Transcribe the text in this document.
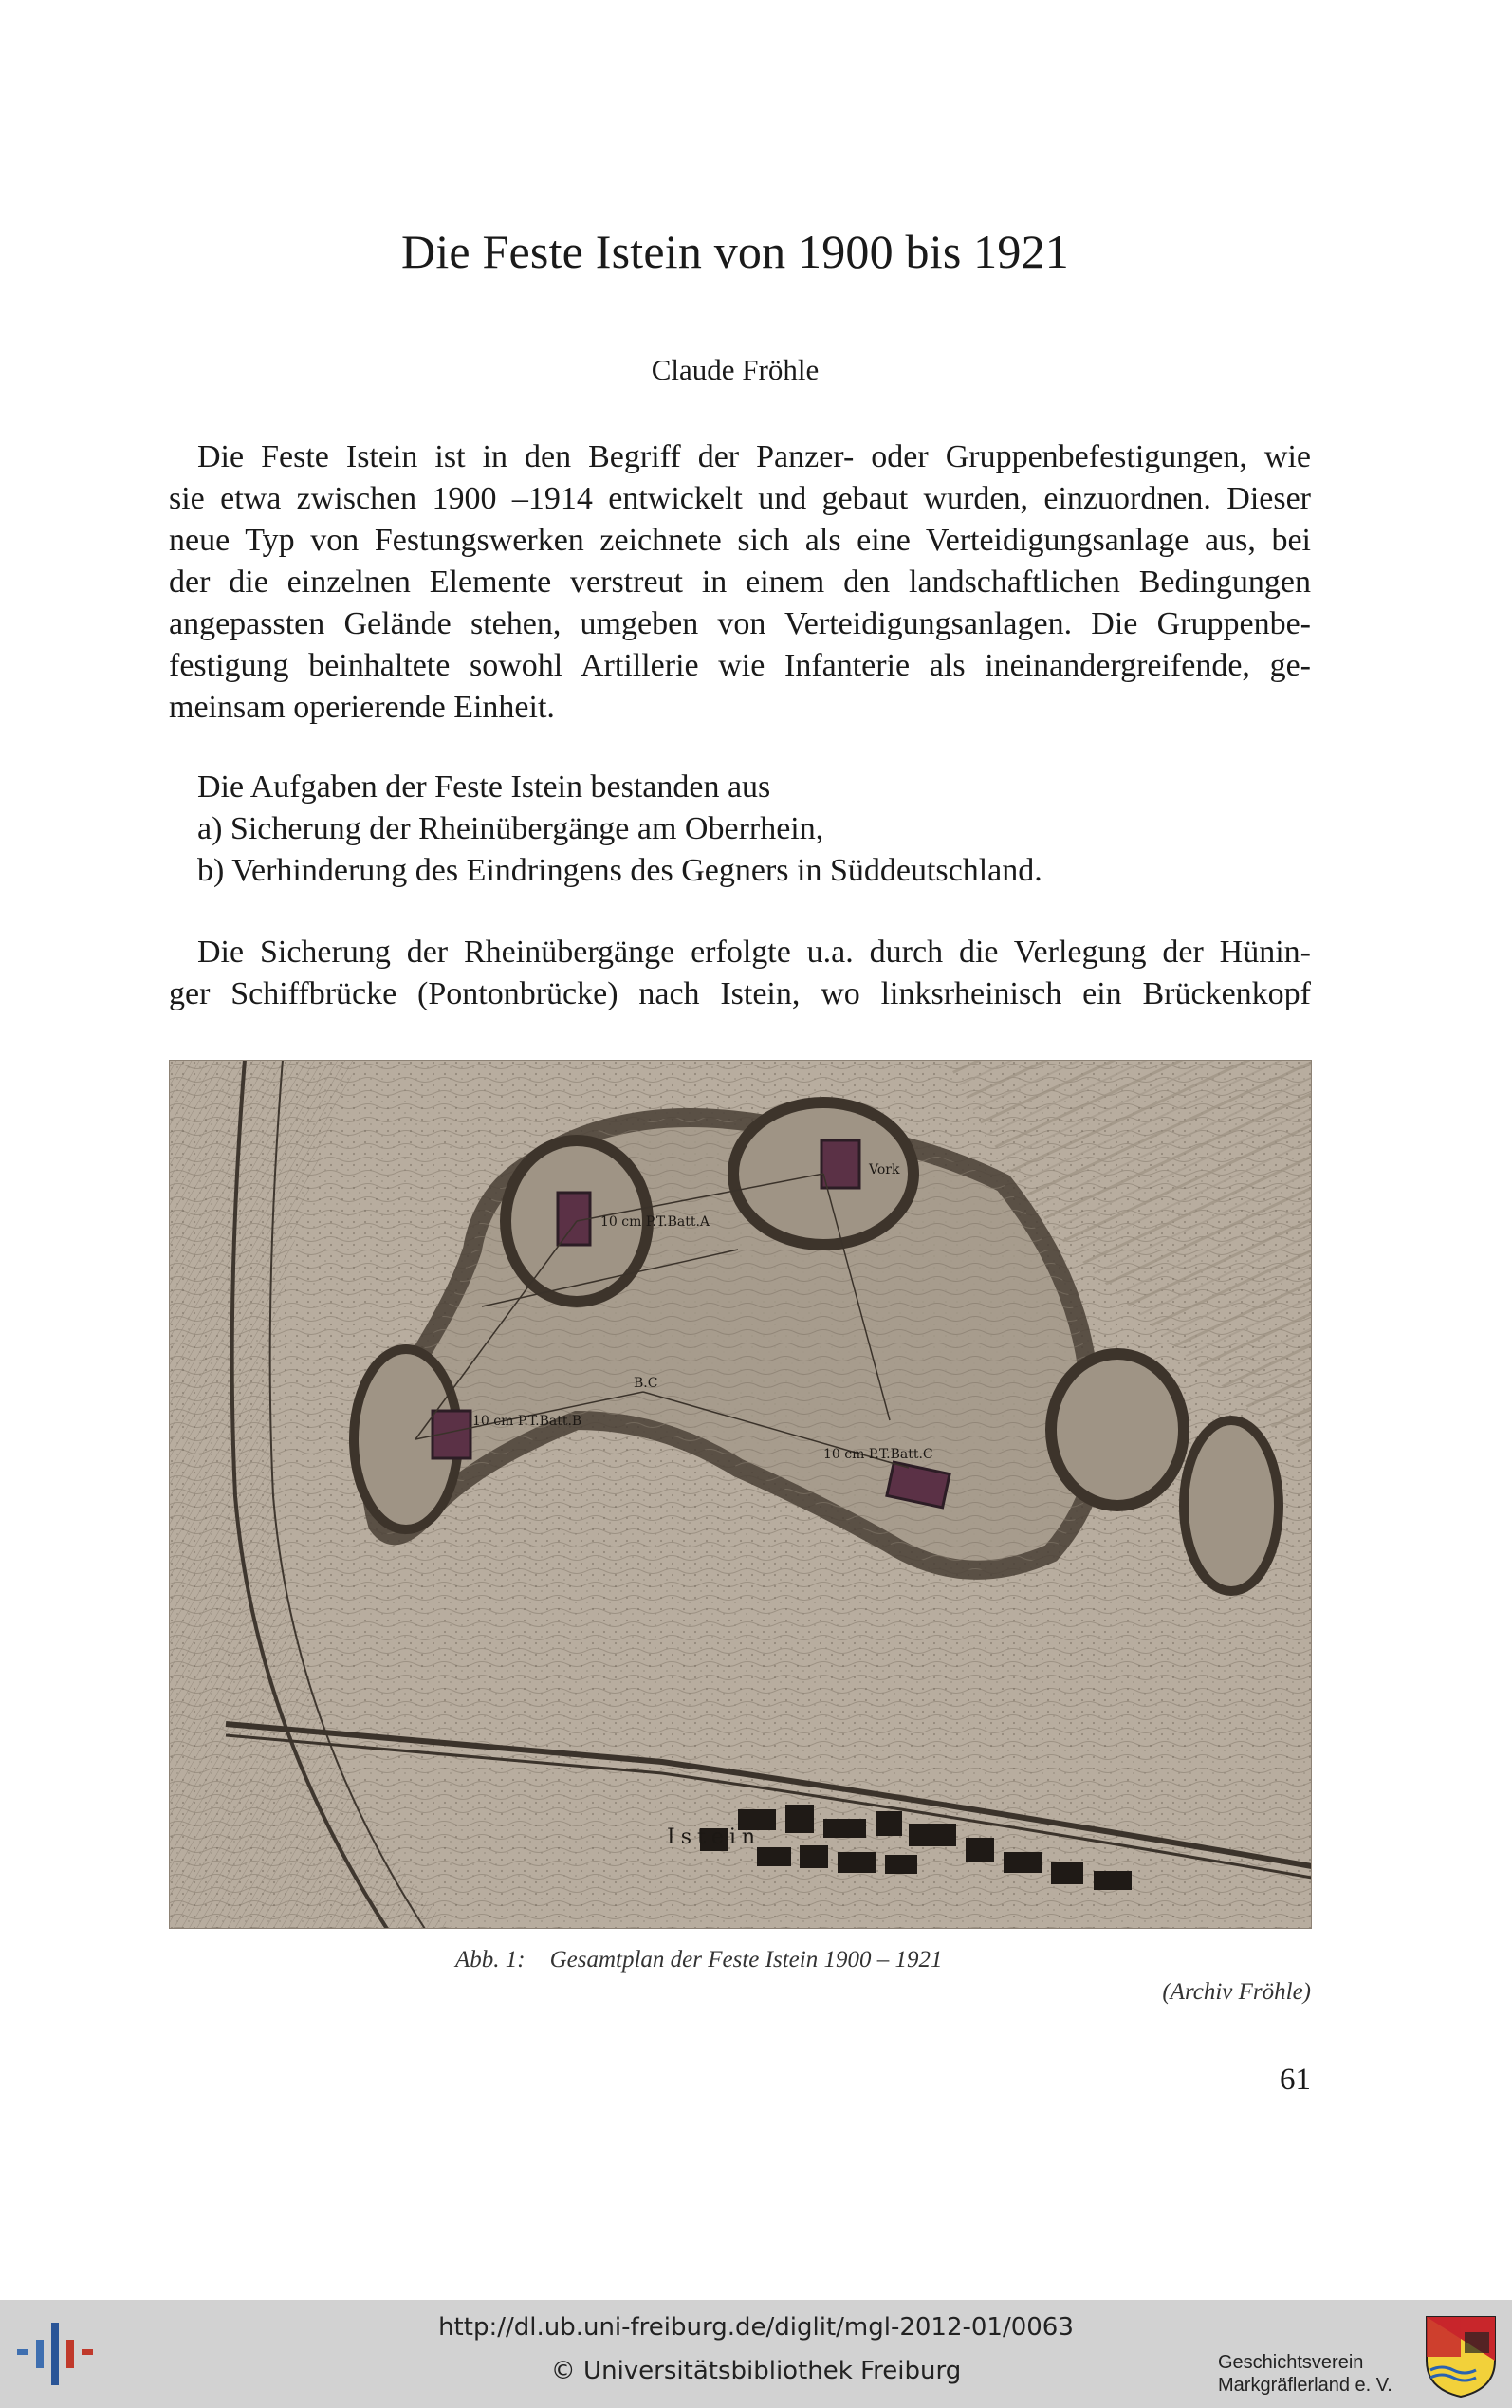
Die Feste Istein von 1900 bis 1921
Claude Fröhle
Die Feste Istein ist in den Begriff der Panzer- oder Gruppenbefestigungen, wie
sie etwa zwischen 1900 –1914 entwickelt und gebaut wurden, einzuordnen. Dieser
neue Typ von Festungswerken zeichnete sich als eine Verteidigungsanlage aus, bei
der die einzelnen Elemente verstreut in einem den landschaftlichen Bedingungen
angepassten Gelände stehen, umgeben von Verteidigungsanlagen. Die Gruppenbe-
festigung beinhaltete sowohl Artillerie wie Infanterie als ineinandergreifende, ge-
meinsam operierende Einheit.
Die Aufgaben der Feste Istein bestanden aus
a) Sicherung der Rheinübergänge am Oberrhein,
b) Verhinderung des Eindringens des Gegners in Süddeutschland.
Die Sicherung der Rheinübergänge erfolgte u.a. durch die Verlegung der Hünin-
ger Schiffbrücke (Pontonbrücke) nach Istein, wo linksrheinisch ein Brückenkopf
10 cm P.T.Batt.A
10 cm P.T.Batt.B
10 cm P.T.Batt.C
Vork
B.C
Istein
Abb. 1: Gesamtplan der Feste Istein 1900 – 1921
(Archiv Fröhle)
61
http://dl.ub.uni-freiburg.de/diglit/mgl-2012-01/0063
© Universitätsbibliothek Freiburg	Geschichtsverein
Markgräflerland e. V.
